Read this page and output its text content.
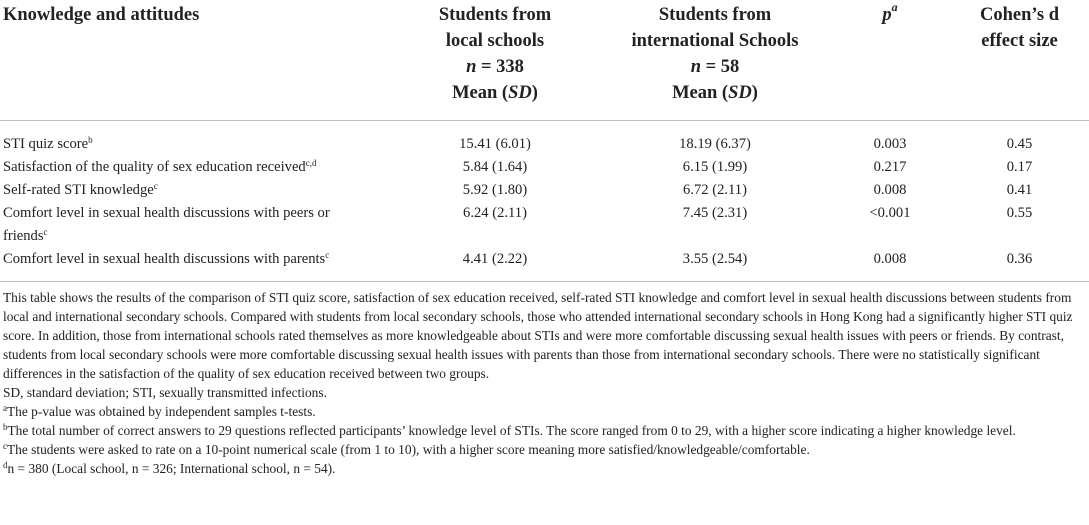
Knowledge and attitudes	Students from
local schools
n = 338
Mean (SD)	Students from
international Schools
n = 58
Mean (SD)	$p^a$	Cohen’s d
effect size
STI quiz score$^b$	15.41 (6.01)	18.19 (6.37)	0.003	0.45
Satisfaction of the quality of sex education received$^{c,d}$	5.84 (1.64)	6.15 (1.99)	0.217	0.17
Self-rated STI knowledge$^c$	5.92 (1.80)	6.72 (2.11)	0.008	0.41
Comfort level in sexual health discussions with peers or
friends$^c$	6.24 (2.11)	7.45 (2.31)	<0.001	0.55
Comfort level in sexual health discussions with parents$^c$	4.41 (2.22)	3.55 (2.54)	0.008	0.36

This table shows the results of the comparison of STI quiz score, satisfaction of sex education received, self-rated STI knowledge and comfort level in sexual health discussions between students from local and international secondary schools. Compared with students from local secondary schools, those who attended international secondary schools in Hong Kong had a significantly higher STI quiz score. In addition, those from international schools rated themselves as more knowledgeable about STIs and were more comfortable discussing sexual health issues with peers or friends. By contrast, students from local secondary schools were more comfortable discussing sexual health issues with parents than those from international secondary schools. There were no statistically significant differences in the satisfaction of the quality of sex education received between two groups.

SD, standard deviation; STI, sexually transmitted infections.

$^a$The p-value was obtained by independent samples t-tests.
$^b$The total number of correct answers to 29 questions reflected participants’ knowledge level of STIs. The score ranged from 0 to 29, with a higher score indicating a higher knowledge level.
$^c$The students were asked to rate on a 10-point numerical scale (from 1 to 10), with a higher score meaning more satisfied/knowledgeable/comfortable.
$^d$n = 380 (Local school, n = 326; International school, n = 54).
